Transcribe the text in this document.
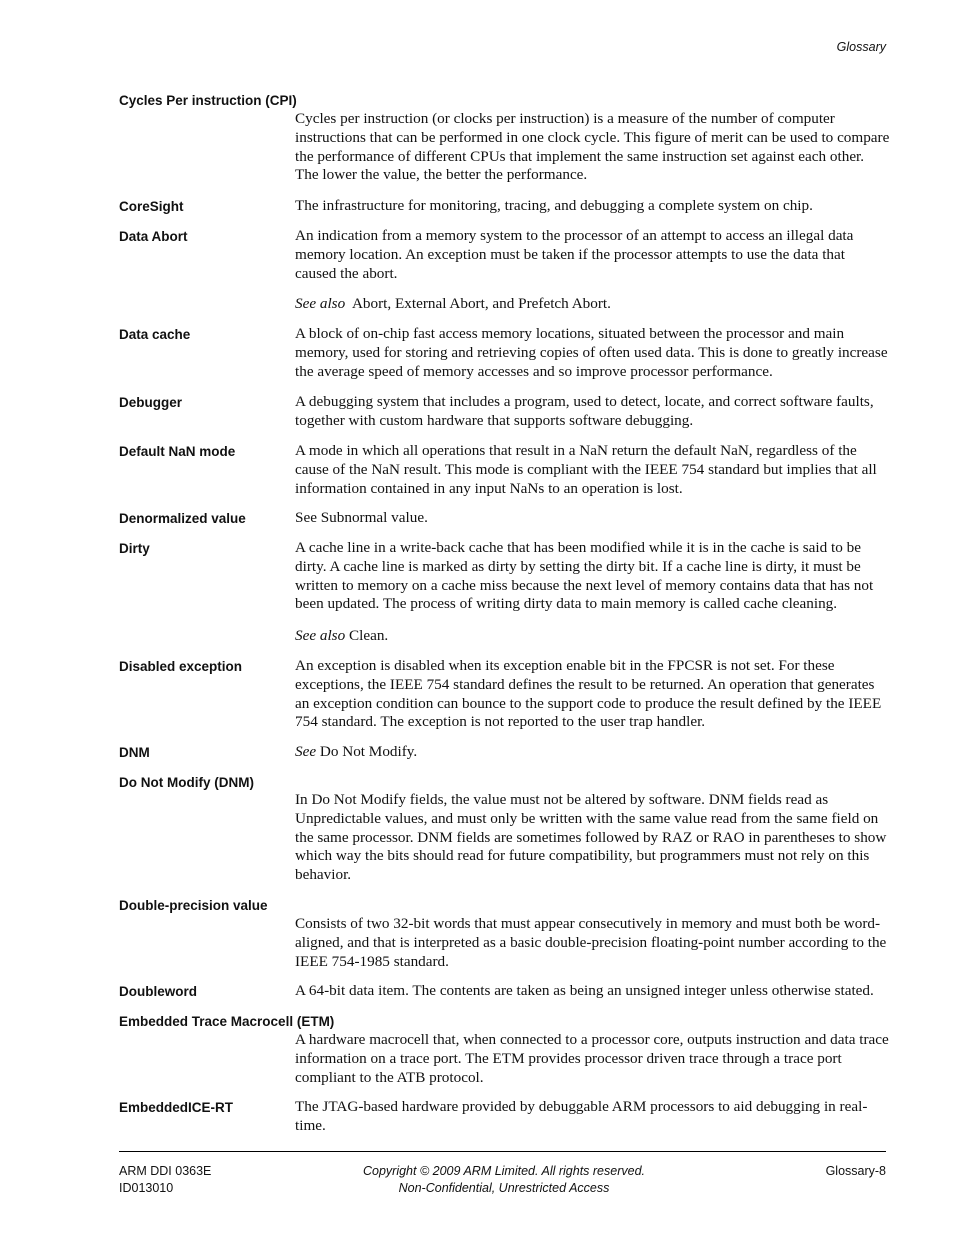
Glossary
Cycles Per instruction (CPI)
Cycles per instruction (or clocks per instruction) is a measure of the number of computer instructions that can be performed in one clock cycle. This figure of merit can be used to compare the performance of different CPUs that implement the same instruction set against each other. The lower the value, the better the performance.
CoreSight	The infrastructure for monitoring, tracing, and debugging a complete system on chip.
Data Abort	An indication from a memory system to the processor of an attempt to access an illegal data memory location. An exception must be taken if the processor attempts to use the data that caused the abort.
See also Abort, External Abort, and Prefetch Abort.
Data cache	A block of on-chip fast access memory locations, situated between the processor and main memory, used for storing and retrieving copies of often used data. This is done to greatly increase the average speed of memory accesses and so improve processor performance.
Debugger	A debugging system that includes a program, used to detect, locate, and correct software faults, together with custom hardware that supports software debugging.
Default NaN mode	A mode in which all operations that result in a NaN return the default NaN, regardless of the cause of the NaN result. This mode is compliant with the IEEE 754 standard but implies that all information contained in any input NaNs to an operation is lost.
Denormalized value	See Subnormal value.
Dirty	A cache line in a write-back cache that has been modified while it is in the cache is said to be dirty. A cache line is marked as dirty by setting the dirty bit. If a cache line is dirty, it must be written to memory on a cache miss because the next level of memory contains data that has not been updated. The process of writing dirty data to main memory is called cache cleaning.
See also Clean.
Disabled exception	An exception is disabled when its exception enable bit in the FPCSR is not set. For these exceptions, the IEEE 754 standard defines the result to be returned. An operation that generates an exception condition can bounce to the support code to produce the result defined by the IEEE 754 standard. The exception is not reported to the user trap handler.
DNM	See Do Not Modify.
Do Not Modify (DNM)
In Do Not Modify fields, the value must not be altered by software. DNM fields read as Unpredictable values, and must only be written with the same value read from the same field on the same processor. DNM fields are sometimes followed by RAZ or RAO in parentheses to show which way the bits should read for future compatibility, but programmers must not rely on this behavior.
Double-precision value
Consists of two 32-bit words that must appear consecutively in memory and must both be word-aligned, and that is interpreted as a basic double-precision floating-point number according to the IEEE 754-1985 standard.
Doubleword	A 64-bit data item. The contents are taken as being an unsigned integer unless otherwise stated.
Embedded Trace Macrocell (ETM)
A hardware macrocell that, when connected to a processor core, outputs instruction and data trace information on a trace port. The ETM provides processor driven trace through a trace port compliant to the ATB protocol.
EmbeddedICE-RT	The JTAG-based hardware provided by debuggable ARM processors to aid debugging in real-time.
ARM DDI 0363E
ID013010
Copyright © 2009 ARM Limited. All rights reserved.
Non-Confidential, Unrestricted Access
Glossary-8
